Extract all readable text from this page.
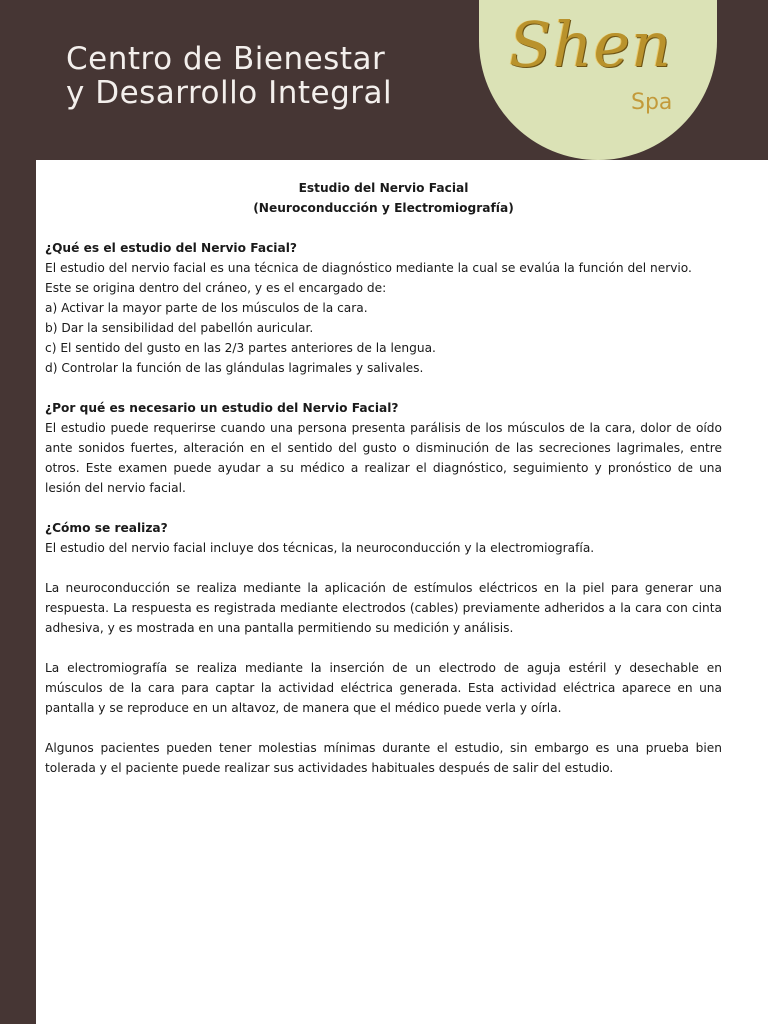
Centro de Bienestar
y Desarrollo Integral
Shen
Spa

Estudio del Nervio Facial

(Neuroconducción y Electromiografía)

¿Qué es el estudio del Nervio Facial?

El estudio del nervio facial es una técnica de diagnóstico mediante la cual se evalúa la función del nervio.

Este se origina dentro del cráneo, y es el encargado de:

a) Activar la mayor parte de los músculos de la cara.

b) Dar la sensibilidad del pabellón auricular.

c) El sentido del gusto en las 2/3 partes anteriores de la lengua.

d) Controlar la función de las glándulas lagrimales y salivales.

¿Por qué es necesario un estudio del Nervio Facial?

El estudio puede requerirse cuando una persona presenta parálisis de los músculos de la cara, dolor de oído ante sonidos fuertes, alteración en el sentido del gusto o disminución de las secreciones lagrimales, entre otros. Este examen puede ayudar a su médico a realizar el diagnóstico, seguimiento y pronóstico de una lesión del nervio facial.

¿Cómo se realiza?

El estudio del nervio facial incluye dos técnicas, la neuroconducción y la electromiografía.

La neuroconducción se realiza mediante la aplicación de estímulos eléctricos en la piel para generar una respuesta. La respuesta es registrada mediante electrodos (cables) previamente adheridos a la cara con cinta adhesiva, y es mostrada en una pantalla permitiendo su medición y análisis.

La electromiografía se realiza mediante la inserción de un electrodo de aguja estéril y desechable en músculos de la cara para captar la actividad eléctrica generada. Esta actividad eléctrica aparece en una pantalla y se reproduce en un altavoz, de manera que el médico puede verla y oírla.

Algunos pacientes pueden tener molestias mínimas durante el estudio, sin embargo es una prueba bien tolerada y el paciente puede realizar sus actividades habituales después de salir del estudio.
